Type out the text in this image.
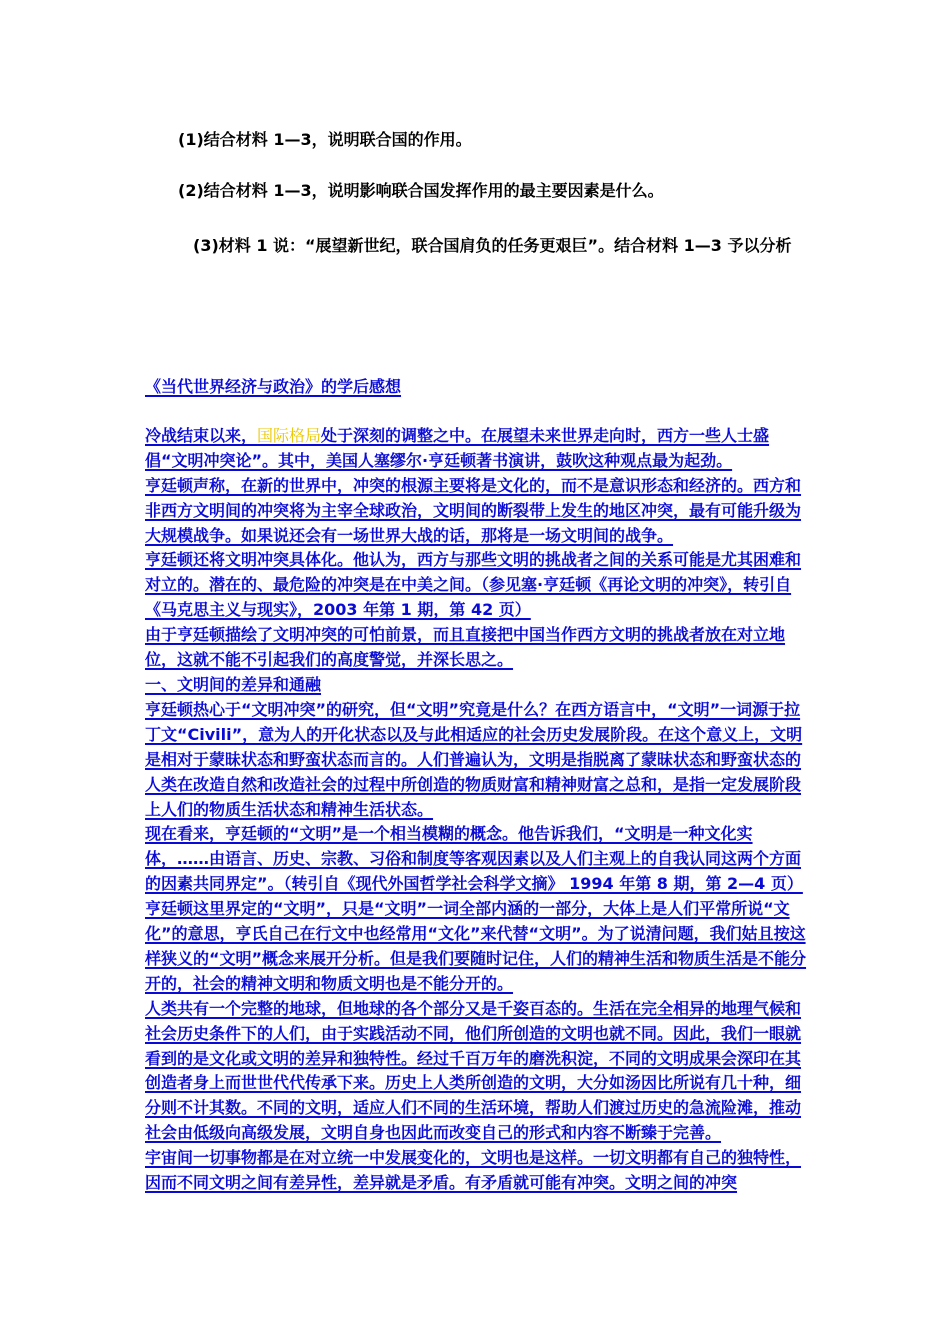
(1)结合材料 1—3，说明联合国的作用。

(2)结合材料 1—3，说明影响联合国发挥作用的最主要因素是什么。

(3)材料 1 说：“展望新世纪，联合国肩负的任务更艰巨”。结合材料 1—3 予以分析

《当代世界经济与政治》的学后感想

冷战结束以来，国际格局处于深刻的调整之中。在展望未来世界走向时，西方一些人士盛倡“文明冲突论”。其中，美国人塞缪尔·亨廷顿著书演讲，鼓吹这种观点最为起劲。

亨廷顿声称，在新的世界中，冲突的根源主要将是文化的，而不是意识形态和经济的。西方和非西方文明间的冲突将为主宰全球政治，文明间的断裂带上发生的地区冲突，最有可能升级为大规模战争。如果说还会有一场世界大战的话，那将是一场文明间的战争。

亨廷顿还将文明冲突具体化。他认为，西方与那些文明的挑战者之间的关系可能是尤其困难和对立的。潜在的、最危险的冲突是在中美之间。（参见塞·亨廷顿《再论文明的冲突》，转引自《马克思主义与现实》，2003 年第 1 期，第 42 页）

由于亨廷顿描绘了文明冲突的可怕前景，而且直接把中国当作西方文明的挑战者放在对立地位，这就不能不引起我们的高度警觉，并深长思之。

一、文明间的差异和通融

亨廷顿热心于“文明冲突”的研究，但“文明”究竟是什么？在西方语言中，“文明”一词源于拉丁文“Civili”，意为人的开化状态以及与此相适应的社会历史发展阶段。在这个意义上，文明是相对于蒙昧状态和野蛮状态而言的。人们普遍认为，文明是指脱离了蒙昧状态和野蛮状态的人类在改造自然和改造社会的过程中所创造的物质财富和精神财富之总和，是指一定发展阶段上人们的物质生活状态和精神生活状态。

现在看来，亨廷顿的“文明”是一个相当模糊的概念。他告诉我们，“文明是一种文化实体，……由语言、历史、宗教、习俗和制度等客观因素以及人们主观上的自我认同这两个方面的因素共同界定”。（转引自《现代外国哲学社会科学文摘》 1994 年第 8 期，第 2—4 页）亨廷顿这里界定的“文明”，只是“文明”一词全部内涵的一部分，大体上是人们平常所说“文化”的意思，亨氏自己在行文中也经常用“文化”来代替“文明”。为了说清问题，我们姑且按这样狭义的“文明”概念来展开分析。但是我们要随时记住，人们的精神生活和物质生活是不能分开的，社会的精神文明和物质文明也是不能分开的。

人类共有一个完整的地球，但地球的各个部分又是千姿百态的。生活在完全相异的地理气候和社会历史条件下的人们，由于实践活动不同，他们所创造的文明也就不同。因此，我们一眼就看到的是文化或文明的差异和独特性。经过千百万年的磨洗积淀，不同的文明成果会深印在其创造者身上而世世代代传承下来。历史上人类所创造的文明，大分如汤因比所说有几十种，细分则不计其数。不同的文明，适应人们不同的生活环境，帮助人们渡过历史的急流险滩，推动社会由低级向高级发展，文明自身也因此而改变自己的形式和内容不断臻于完善。

宇宙间一切事物都是在对立统一中发展变化的，文明也是这样。一切文明都有自己的独特性，因而不同文明之间有差异性，差异就是矛盾。有矛盾就可能有冲突。文明之间的冲突
